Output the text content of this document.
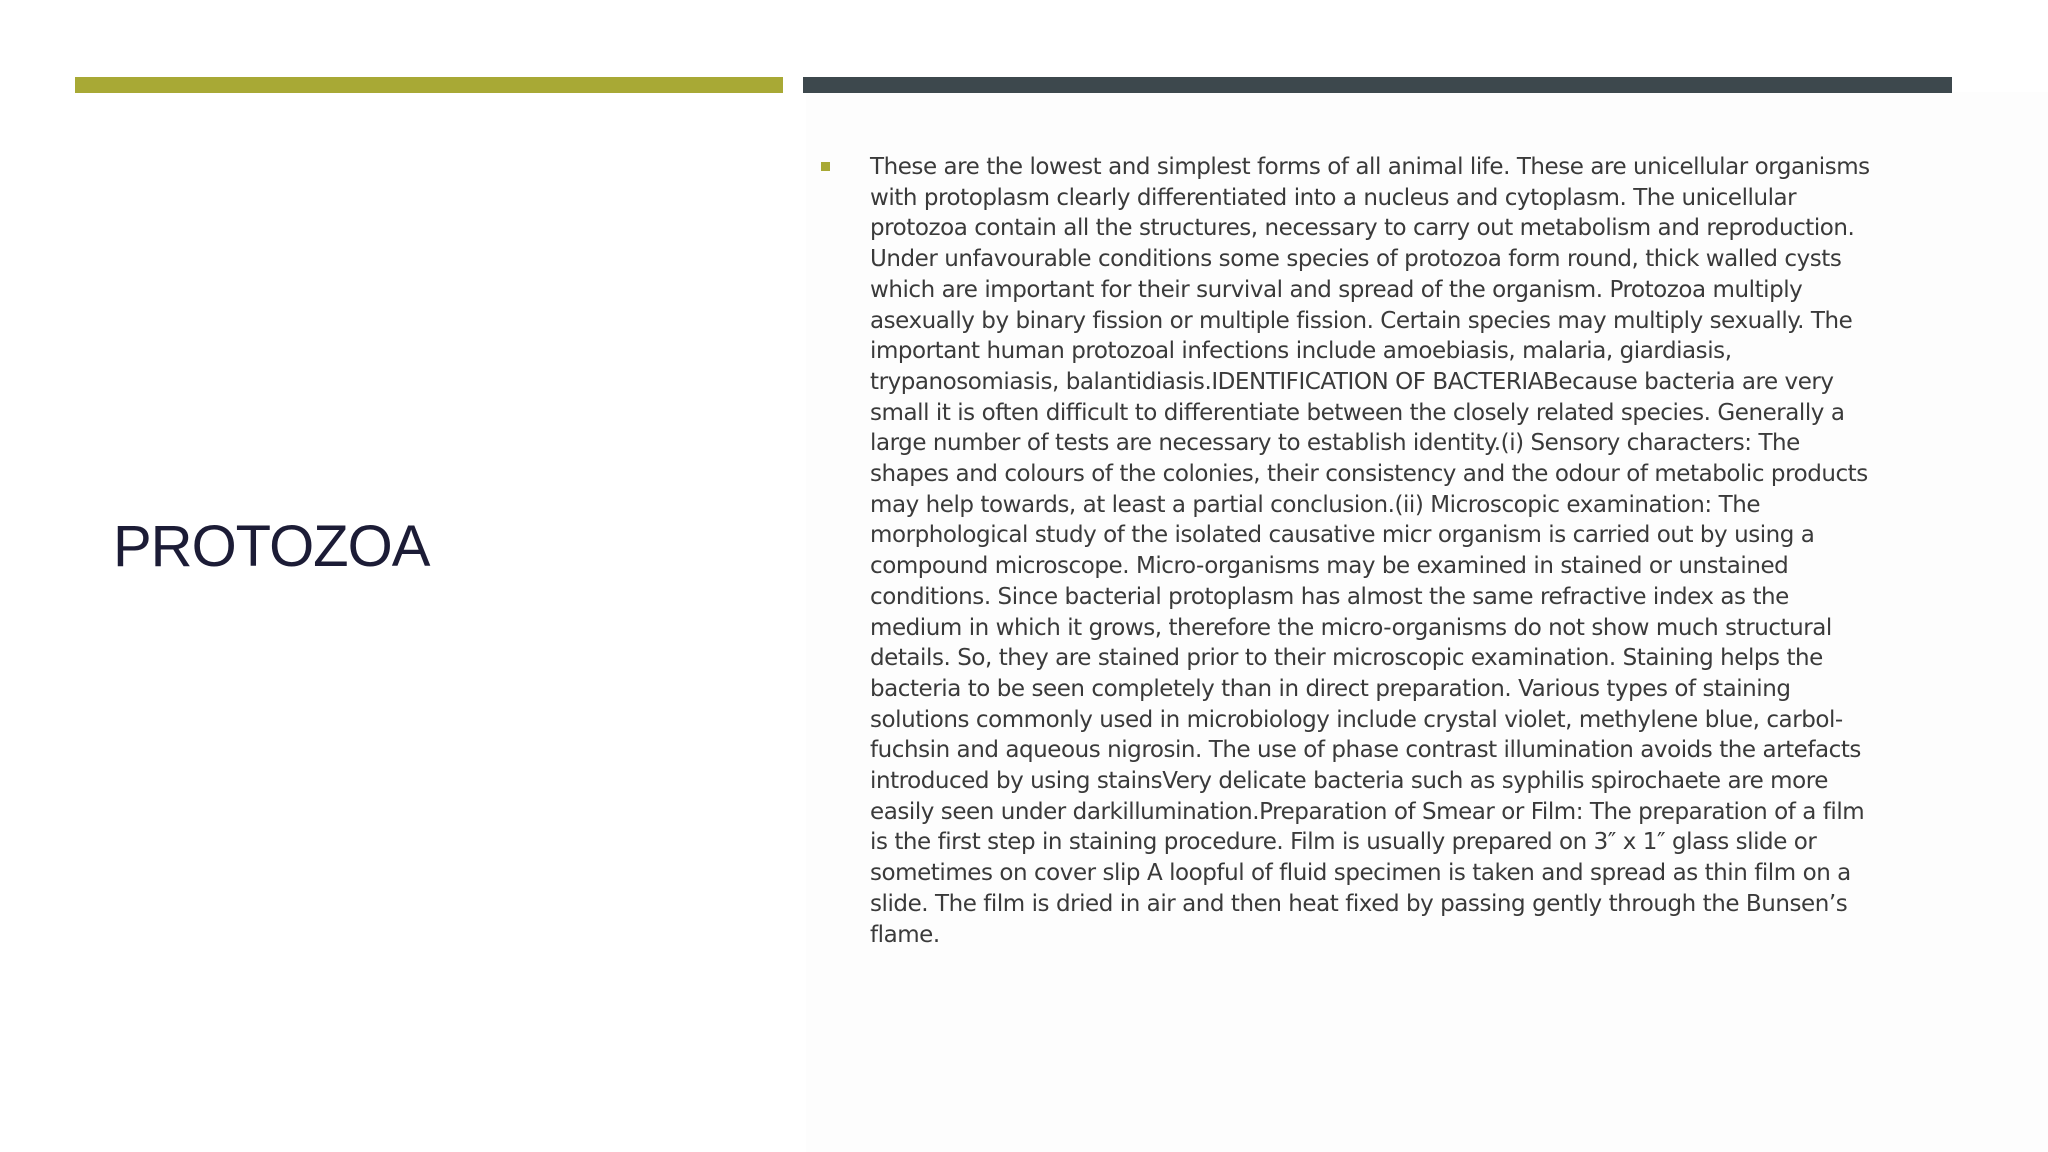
PROTOZOA

These are the lowest and simplest forms of all animal life. These are unicellular organisms with protoplasm clearly differentiated into a nucleus and cytoplasm. The unicellular protozoa contain all the structures, necessary to carry out metabolism and reproduction. Under unfavourable conditions some species of protozoa form round, thick walled cysts which are important for their survival and spread of the organism. Protozoa multiply asexually by binary fission or multiple fission. Certain species may multiply sexually. The important human protozoal infections include amoebiasis, malaria, giardiasis, trypanosomiasis, balantidiasis.IDENTIFICATION OF BACTERIABecause bacteria are very small it is often difficult to differentiate between the closely related species. Generally a large number of tests are necessary to establish identity.(i) Sensory characters: The shapes and colours of the colonies, their consistency and the odour of metabolic products may help towards, at least a partial conclusion.(ii) Microscopic examination: The morphological study of the isolated causative micr organism is carried out by using a compound microscope. Micro-organisms may be examined in stained or unstained conditions. Since bacterial protoplasm has almost the same refractive index as the medium in which it grows, therefore the micro-organisms do not show much structural details. So, they are stained prior to their microscopic examination. Staining helps the bacteria to be seen completely than in direct preparation. Various types of staining solutions commonly used in microbiology include crystal violet, methylene blue, carbol-fuchsin and aqueous nigrosin. The use of phase contrast illumination avoids the artefacts introduced by using stainsVery delicate bacteria such as syphilis spirochaete are more easily seen under darkillumination.Preparation of Smear or Film: The preparation of a film is the first step in staining procedure. Film is usually prepared on 3″ x 1″ glass slide or sometimes on cover slip A loopful of fluid specimen is taken and spread as thin film on a slide. The film is dried in air and then heat fixed by passing gently through the Bunsen’s flame.
